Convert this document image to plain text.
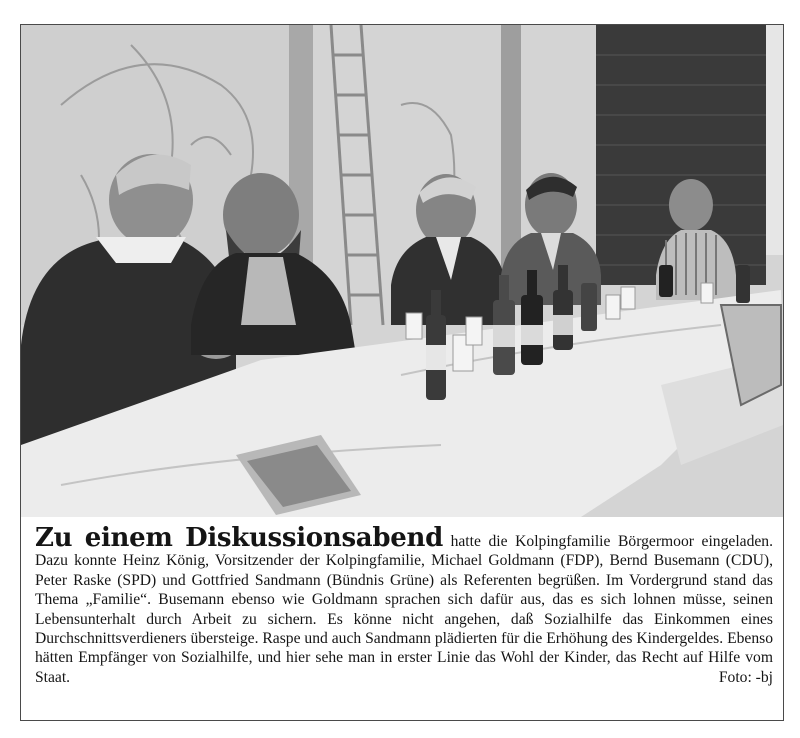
Zu einem Diskussionsabend hatte die Kolpingfamilie Börgermoor eingeladen. Dazu konnte Heinz König, Vorsitzender der Kolpingfamilie, Michael Goldmann (FDP), Bernd Busemann (CDU), Peter Raske (SPD) und Gottfried Sandmann (Bündnis Grüne) als Referenten begrüßen. Im Vordergrund stand das Thema „Familie“. Busemann ebenso wie Goldmann sprachen sich dafür aus, das es sich lohnen müsse, seinen Lebensunterhalt durch Arbeit zu sichern. Es könne nicht angehen, daß Sozialhilfe das Einkommen eines Durchschnittsverdieners übersteige. Raspe und auch Sandmann plädierten für die Erhöhung des Kindergeldes. Ebenso hätten Empfänger von Sozialhilfe, und hier sehe man in erster Linie das Wohl der Kinder, das Recht auf Hilfe vom Staat.	Foto: -bj
